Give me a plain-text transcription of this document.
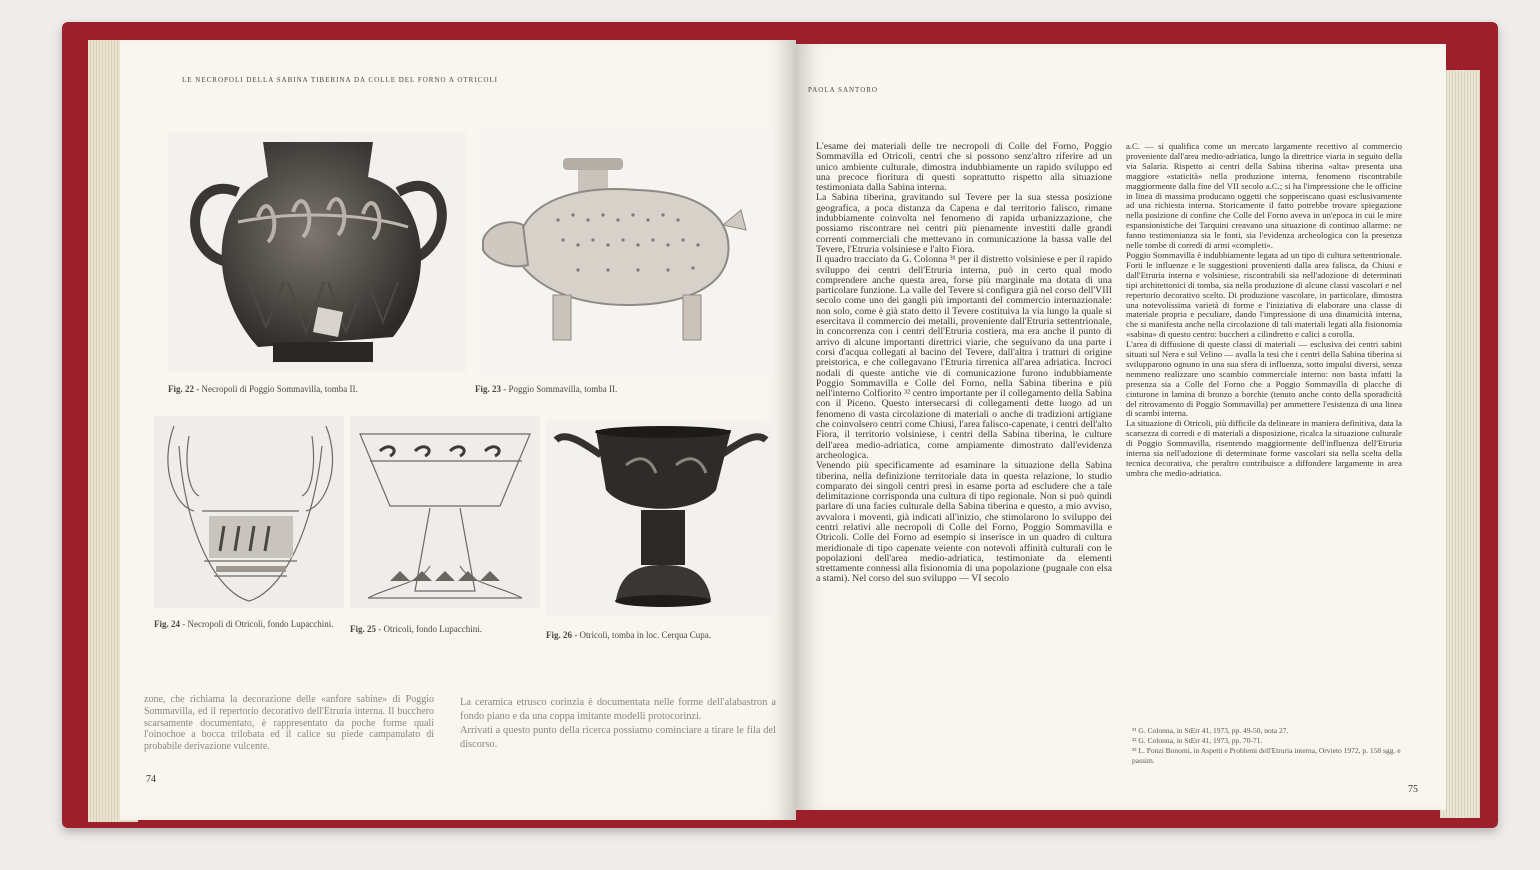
LE NECROPOLI DELLA SABINA TIBERINA DA COLLE DEL FORNO A OTRICOLI
Fig. 22 - Necropoli di Poggio Sommavilla, tomba II.	Fig. 23 - Poggio Sommavilla, tomba II.
Fig. 24 - Necropoli di Otricoli, fondo Lupacchini.	Fig. 25 - Otricoli, fondo Lupacchini.
Fig. 26 - Otricoli, tomba in loc. Cerqua Cupa.
zone, che richiama la decorazione delle «anfore sabine» di Poggio Sommavilla, ed il repertorio decorativo dell'Etruria interna. Il bucchero scarsamente documentato, è rappresentato da poche forme quali l'oinochoe a bocca trilobata ed il calice su piede campanulato di probabile derivazione vulcente.

La ceramica etrusco corinzia è documentata nelle forme dell'alabastron a fondo piano e da una coppa imitante modelli protocorinzi.

Arrivati a questo punto della ricerca possiamo cominciare a tirare le fila del discorso.

74
PAOLA SANTORO

L'esame dei materiali delle tre necropoli di Colle del Forno, Poggio Sommavilla ed Otricoli, centri che si possono senz'altro riferire ad un unico ambiente culturale, dimostra indubbiamente un rapido sviluppo ed una precoce fioritura di questi soprattutto rispetto alla situazione testimoniata dalla Sabina interna.

La Sabina tiberina, gravitando sul Tevere per la sua stessa posizione geografica, a poca distanza da Capena e dal territorio falisco, rimane indubbiamente coinvolta nel fenomeno di rapida urbanizzazione, che possiamo riscontrare nei centri più pienamente investiti dalle grandi correnti commerciali che mettevano in comunicazione la bassa valle del Tevere, l'Etruria volsiniese e l'alto Fiora.

Il quadro tracciato da G. Colonna ³¹ per il distretto volsiniese e per il rapido sviluppo dei centri dell'Etruria interna, può in certo qual modo comprendere anche questa area, forse più marginale ma dotata di una particolare funzione. La valle del Tevere si configura già nel corso dell'VIII secolo come uno dei gangli più importanti del commercio internazionale: non solo, come è già stato detto il Tevere costituiva la via lungo la quale si esercitava il commercio dei metalli, proveniente dall'Etruria settentrionale, in concorrenza con i centri dell'Etruria costiera, ma era anche il punto di arrivo di alcune importanti direttrici viarie, che seguivano da una parte i corsi d'acqua collegati al bacino del Tevere, dall'altra i tratturi di origine preistorica, e che collegavano l'Etruria tirrenica all'area adriatica. Incroci nodali di queste antiche vie di comunicazione furono indubbiamente Poggio Sommavilla e Colle del Forno, nella Sabina tiberina e più nell'interno Colfiorito ³² centro importante per il collegamento della Sabina con il Piceno. Questo intersecarsi di collegamenti dette luogo ad un fenomeno di vasta circolazione di materiali o anche di tradizioni artigiane che coinvolsero centri come Chiusi, l'area falisco-capenate, i centri dell'alto Fiora, il territorio volsiniese, i centri della Sabina tiberina, le culture dell'area medio-adriatica, come ampiamente dimostrato dall'evidenza archeologica.

Venendo più specificamente ad esaminare la situazione della Sabina tiberina, nella definizione territoriale data in questa relazione, lo studio comparato dei singoli centri presi in esame porta ad escludere che a tale delimitazione corrisponda una cultura di tipo regionale. Non si può quindi parlare di una facies culturale della Sabina tiberina e questo, a mio avviso, avvalora i moventi, già indicati all'inizio, che stimolarono lo sviluppo dei centri relativi alle necropoli di Colle del Forno, Poggio Sommavilla e Otricoli. Colle del Forno ad esempio si inserisce in un quadro di cultura meridionale di tipo capenate veiente con notevoli affinità culturali con le popolazioni dell'area medio-adriatica, testimoniate da elementi strettamente connessi alla fisionomia di una popolazione (pugnale con elsa a stami). Nel corso del suo sviluppo — VI secolo

a.C. — si qualifica come un mercato largamente recettivo al commercio proveniente dall'area medio-adriatica, lungo la direttrice viaria in seguito della via Salaria. Rispetto ai centri della Sabina tiberina «alta» presenta una maggiore «staticità» nella produzione interna, fenomeno riscontrabile maggiormente dalla fine del VII secolo a.C.; si ha l'impressione che le officine in linea di massima producano oggetti che sopperiscano quasi esclusivamente ad una richiesta interna. Storicamente il fatto potrebbe trovare spiegazione nella posizione di confine che Colle del Forno aveva in un'epoca in cui le mire espansionistiche dei Tarquini creavano una situazione di continuo allarme: ne fanno testimonianza sia le fonti, sia l'evidenza archeologica con la presenza nelle tombe di corredi di armi «completi».

Poggio Sommavilla è indubbiamente legata ad un tipo di cultura settentrionale. Forti le influenze e le suggestioni provenienti dalla area falisca, da Chiusi e dall'Etruria interna e volsiniese, riscontrabili sia nell'adozione di determinati tipi architettonici di tomba, sia nella produzione di alcune classi vascolari e nel repertorio decorativo scelto. Di produzione vascolare, in particolare, dimostra una notevolissima varietà di forme e l'iniziativa di elaborare una classe di materiale propria e peculiare, dando l'impressione di una dinamicità interna, che si manifesta anche nella circolazione di tali materiali legati alla fisionomia «sabina» di questo centro: buccheri a cilindretto e calici a corolla.

L'area di diffusione di queste classi di materiali — esclusiva dei centri sabini situati sul Nera e sul Velino — avalla la tesi che i centri della Sabina tiberina si svilupparono ognuno in una sua sfera di influenza, sotto impulsi diversi, senza nemmeno realizzare uno scambio commerciale interno: non basta infatti la presenza sia a Colle del Forno che a Poggio Sommavilla di placche di cinturone in lamina di bronzo a borchie (tenuto anche conto della sporadicità del ritrovamento di Poggio Sommavilla) per ammettere l'esistenza di una linea di scambi interna.

La situazione di Otricoli, più difficile da delineare in maniera definitiva, data la scarsezza di corredi e di materiali a disposizione, ricalca la situazione culturale di Poggio Sommavilla, risentendo maggiormente dell'influenza dell'Etruria interna sia nell'adozione di determinate forme vascolari sia nella scelta della tecnica decorativa, che peraltro contribuisce a diffondere largamente in area umbra che medio-adriatica.

³¹ G. Colonna, in StEtr 41, 1973, pp. 49-50, nota 27.
³² G. Colonna, in StEtr 41, 1973, pp. 70-71.
³³ L. Ponzi Bonomi, in Aspetti e Problemi dell'Etruria interna, Orvieto 1972, p. 158 sgg. e passim.
75
